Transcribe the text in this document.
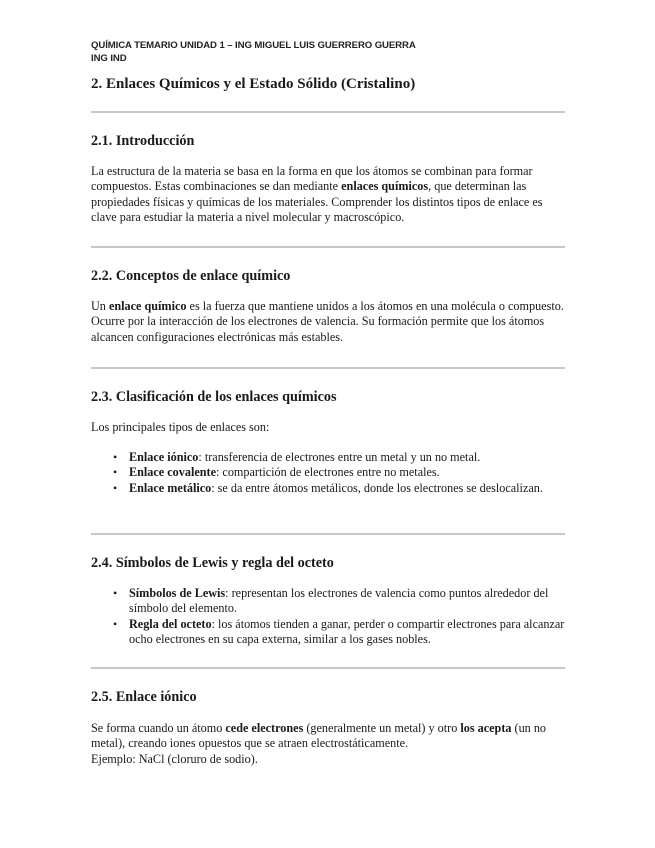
QUÍMICA TEMARIO UNIDAD 1 – ING MIGUEL LUIS GUERRERO GUERRA
ING IND
2. Enlaces Químicos y el Estado Sólido (Cristalino)
2.1. Introducción
La estructura de la materia se basa en la forma en que los átomos se combinan para formar compuestos. Estas combinaciones se dan mediante enlaces químicos, que determinan las propiedades físicas y químicas de los materiales. Comprender los distintos tipos de enlace es clave para estudiar la materia a nivel molecular y macroscópico.
2.2. Conceptos de enlace químico
Un enlace químico es la fuerza que mantiene unidos a los átomos en una molécula o compuesto. Ocurre por la interacción de los electrones de valencia. Su formación permite que los átomos alcancen configuraciones electrónicas más estables.
2.3. Clasificación de los enlaces químicos
Los principales tipos de enlaces son:
• Enlace iónico: transferencia de electrones entre un metal y un no metal.
• Enlace covalente: compartición de electrones entre no metales.
• Enlace metálico: se da entre átomos metálicos, donde los electrones se deslocalizan.
2.4. Símbolos de Lewis y regla del octeto
• Símbolos de Lewis: representan los electrones de valencia como puntos alrededor del símbolo del elemento.
• Regla del octeto: los átomos tienden a ganar, perder o compartir electrones para alcanzar ocho electrones en su capa externa, similar a los gases nobles.
2.5. Enlace iónico
Se forma cuando un átomo cede electrones (generalmente un metal) y otro los acepta (un no metal), creando iones opuestos que se atraen electrostáticamente.
Ejemplo: NaCl (cloruro de sodio).
